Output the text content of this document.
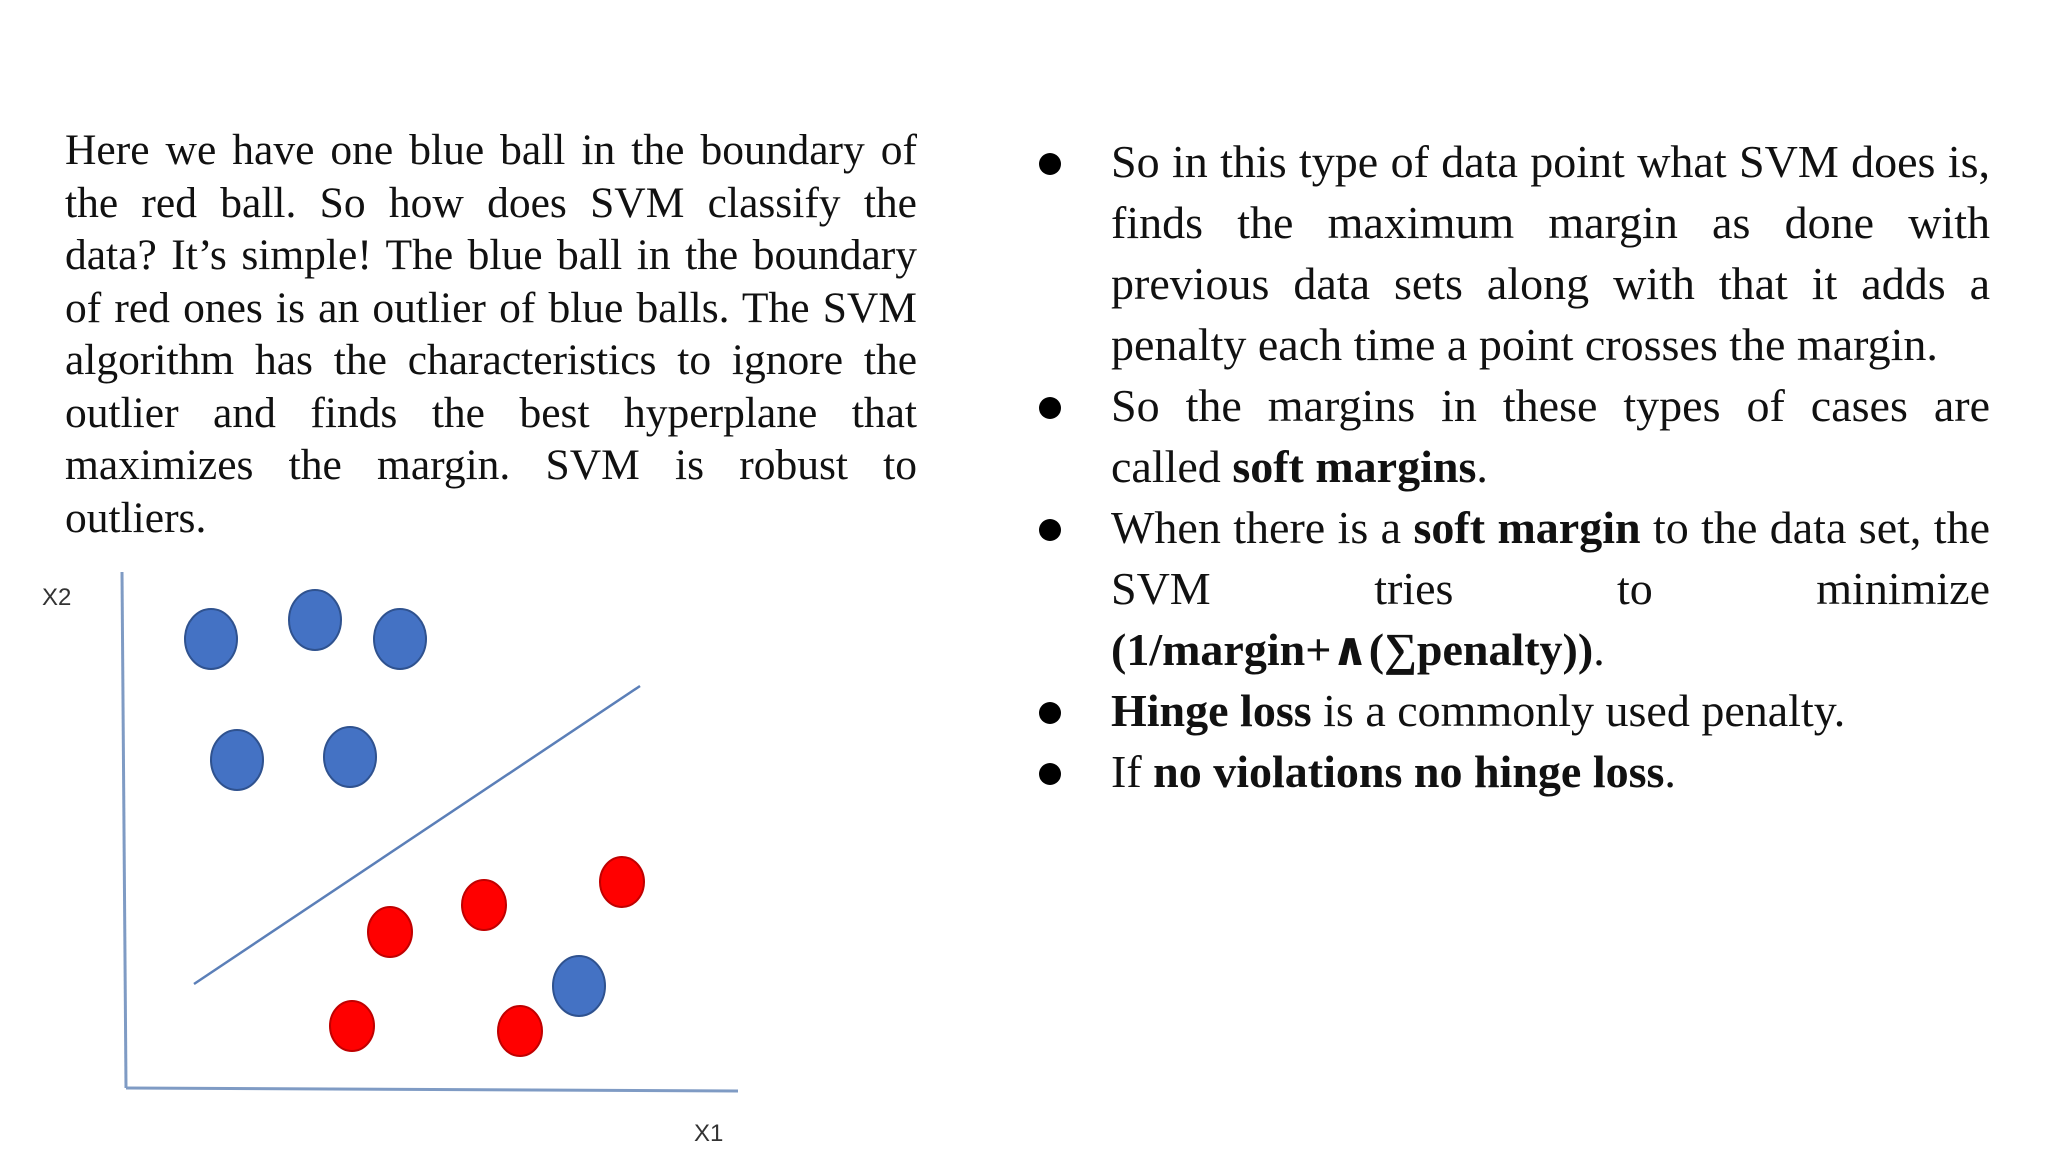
Here we have one blue ball in the boundary of the red ball. So how does SVM classify the data? It’s simple! The blue ball in the boundary of red ones is an outlier of blue balls. The SVM algorithm has the characteristics to ignore the outlier and finds the best hyperplane that maximizes the margin. SVM is robust to outliers.

So in this type of data point what SVM does is, finds the maximum margin as done with previous data sets along with that it adds a penalty each time a point crosses the margin.
So the margins in these types of cases are called soft margins.
When there is a soft margin to the data set, the SVM tries to minimize
(1/margin+∧(∑penalty)).
Hinge loss is a commonly used penalty.
If no violations no hinge loss.
X2
X1
